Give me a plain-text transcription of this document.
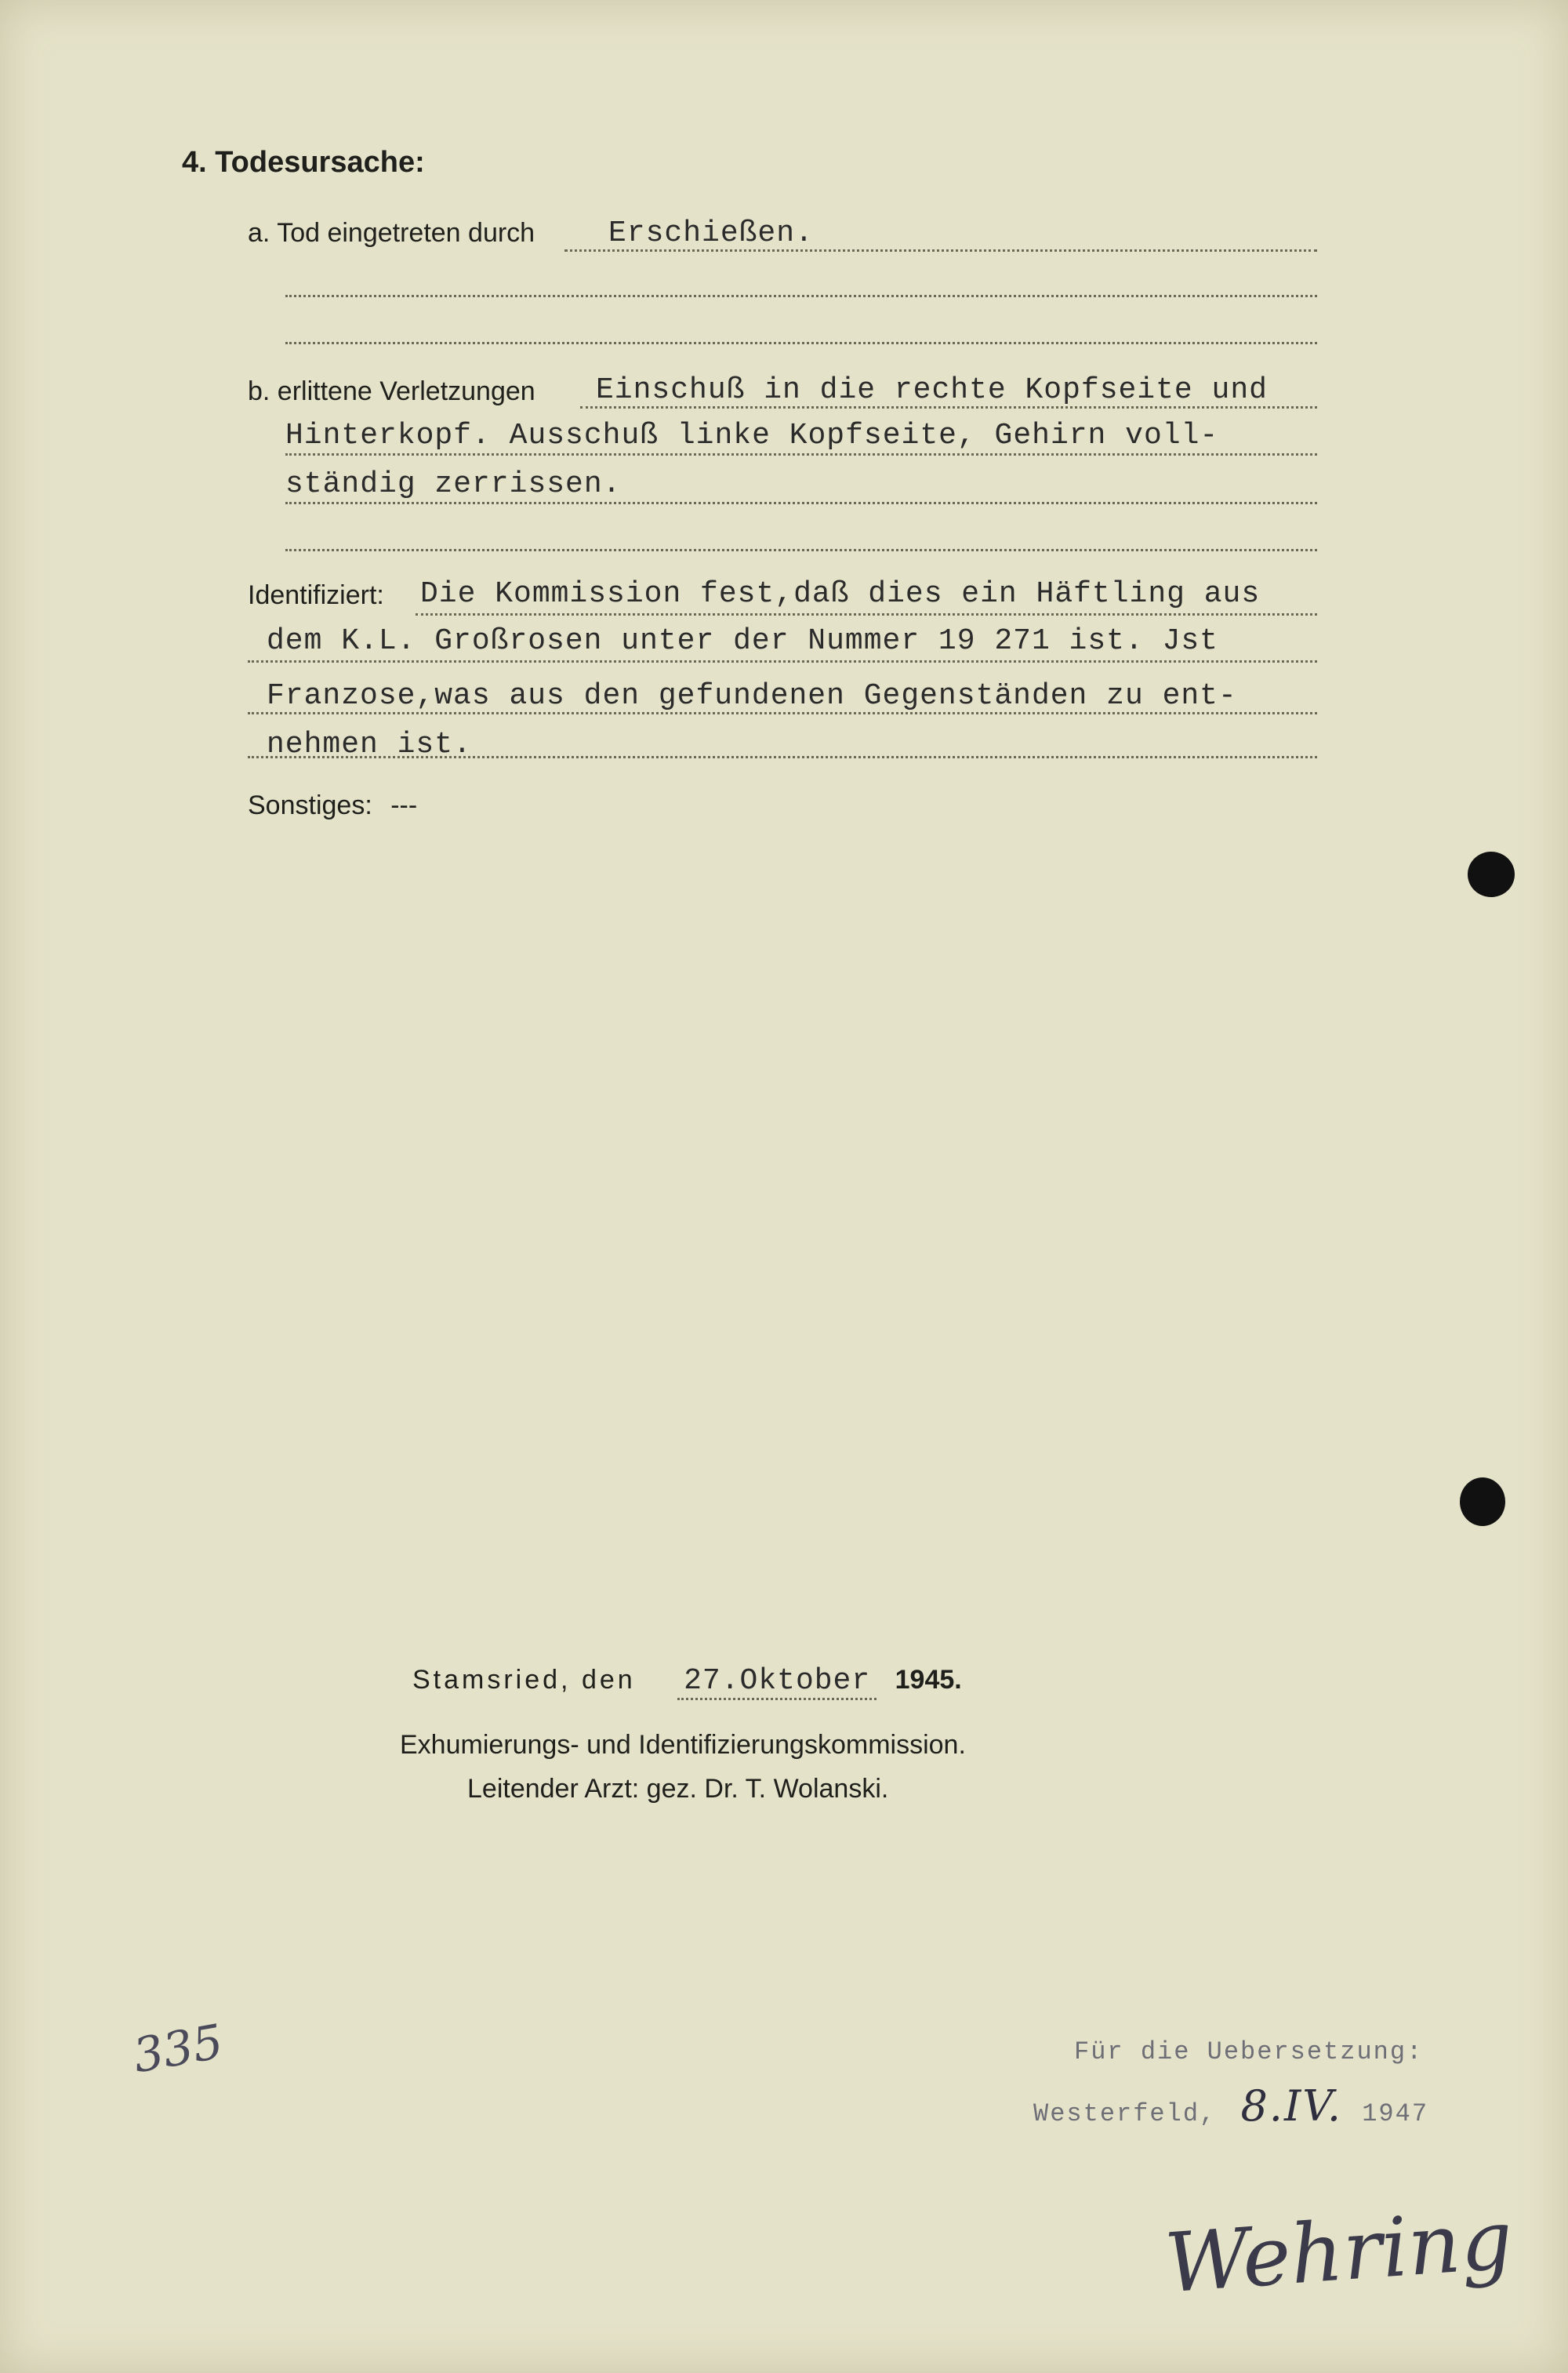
4. Todesursache:
a. Tod eingetreten durch Erschießen.
b. erlittene Verletzungen Einschuß in die rechte Kopfseite und
Hinterkopf. Ausschuß linke Kopfseite, Gehirn voll-
ständig zerrissen.
Identifiziert: Die Kommission fest,daß dies ein Häftling aus
dem K.L. Großrosen unter der Nummer 19 271 ist. Jst
Franzose,was aus den gefundenen Gegenständen zu ent-
nehmen ist.
Sonstiges: ---
Stamsried, den 27.Oktober 1945.
Exhumierungs- und Identifizierungskommission.
Leitender Arzt: gez. Dr. T. Wolanski.
335	Für die Uebersetzung:
Westerfeld, 8.IV. 1947
Wehring
